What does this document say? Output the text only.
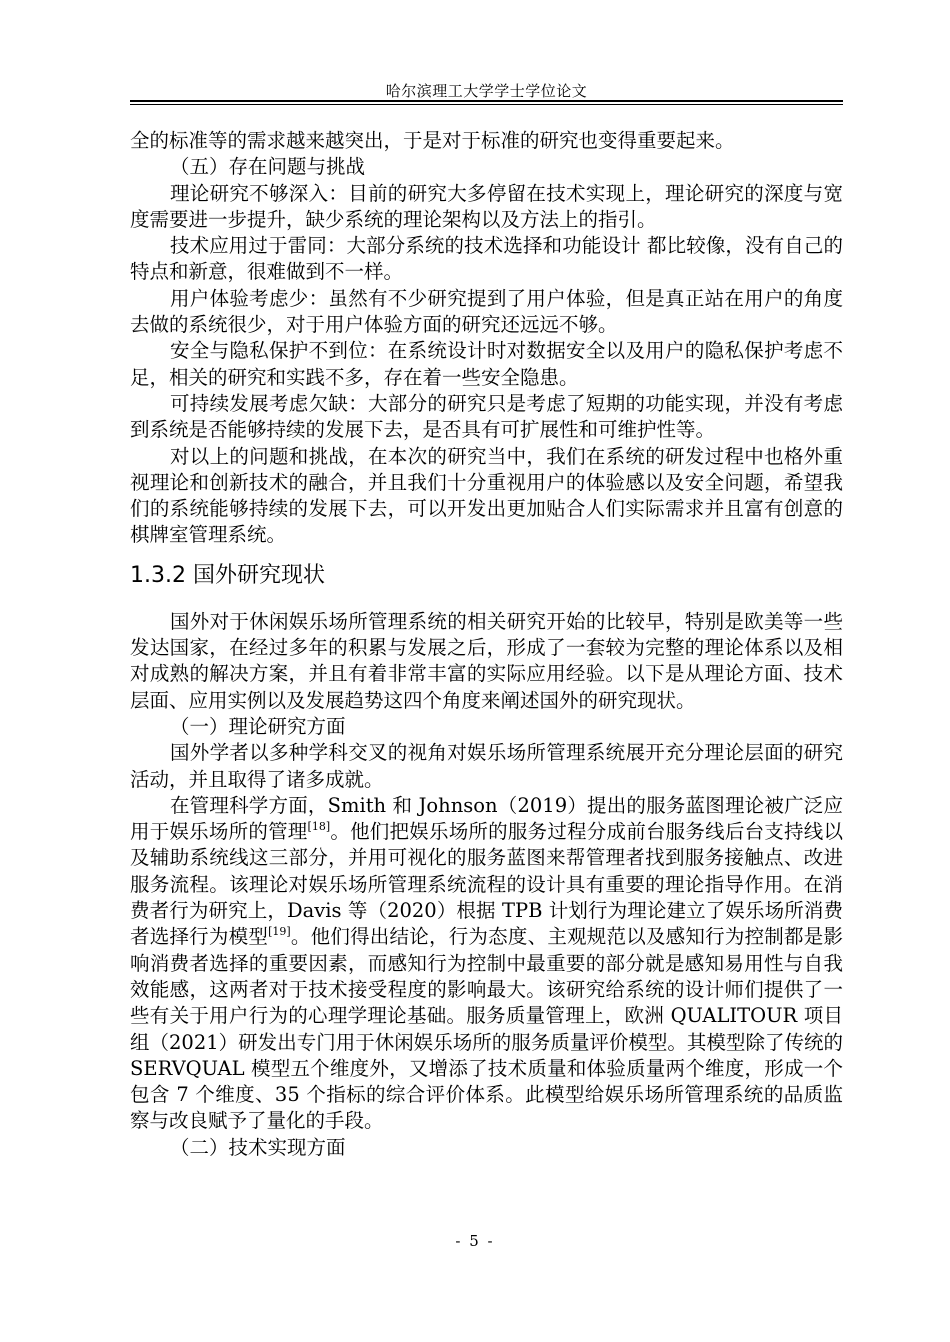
哈尔滨理工大学学士学位论文

全的标准等的需求越来越突出，于是对于标准的研究也变得重要起来。

（五）存在问题与挑战

理论研究不够深入：目前的研究大多停留在技术实现上，理论研究的深度与宽度需要进一步提升，缺少系统的理论架构以及方法上的指引。

技术应用过于雷同：大部分系统的技术选择和功能设计 都比较像，没有自己的特点和新意，很难做到不一样。

用户体验考虑少：虽然有不少研究提到了用户体验，但是真正站在用户的角度去做的系统很少，对于用户体验方面的研究还远远不够。

安全与隐私保护不到位：在系统设计时对数据安全以及用户的隐私保护考虑不足，相关的研究和实践不多，存在着一些安全隐患。

可持续发展考虑欠缺：大部分的研究只是考虑了短期的功能实现，并没有考虑到系统是否能够持续的发展下去，是否具有可扩展性和可维护性等。

对以上的问题和挑战，在本次的研究当中，我们在系统的研发过程中也格外重视理论和创新技术的融合，并且我们十分重视用户的体验感以及安全问题，希望我们的系统能够持续的发展下去，可以开发出更加贴合人们实际需求并且富有创意的棋牌室管理系统。

1.3.2 国外研究现状

国外对于休闲娱乐场所管理系统的相关研究开始的比较早，特别是欧美等一些发达国家，在经过多年的积累与发展之后，形成了一套较为完整的理论体系以及相对成熟的解决方案，并且有着非常丰富的实际应用经验。以下是从理论方面、技术层面、应用实例以及发展趋势这四个角度来阐述国外的研究现状。

（一）理论研究方面

国外学者以多种学科交叉的视角对娱乐场所管理系统展开充分理论层面的研究活动，并且取得了诸多成就。

在管理科学方面，Smith 和 Johnson（2019）提出的服务蓝图理论被广泛应用于娱乐场所的管理[18]。他们把娱乐场所的服务过程分成前台服务线后台支持线以及辅助系统线这三部分，并用可视化的服务蓝图来帮管理者找到服务接触点、改进服务流程。该理论对娱乐场所管理系统流程的设计具有重要的理论指导作用。在消费者行为研究上，Davis 等（2020）根据 TPB 计划行为理论建立了娱乐场所消费者选择行为模型[19]。他们得出结论，行为态度、主观规范以及感知行为控制都是影响消费者选择的重要因素，而感知行为控制中最重要的部分就是感知易用性与自我效能感，这两者对于技术接受程度的影响最大。该研究给系统的设计师们提供了一些有关于用户行为的心理学理论基础。服务质量管理上，欧洲 QUALITOUR 项目组（2021）研发出专门用于休闲娱乐场所的服务质量评价模型。其模型除了传统的 SERVQUAL 模型五个维度外，又增添了技术质量和体验质量两个维度，形成一个包含 7 个维度、35 个指标的综合评价体系。此模型给娱乐场所管理系统的品质监察与改良赋予了量化的手段。

（二）技术实现方面

- 5 -
